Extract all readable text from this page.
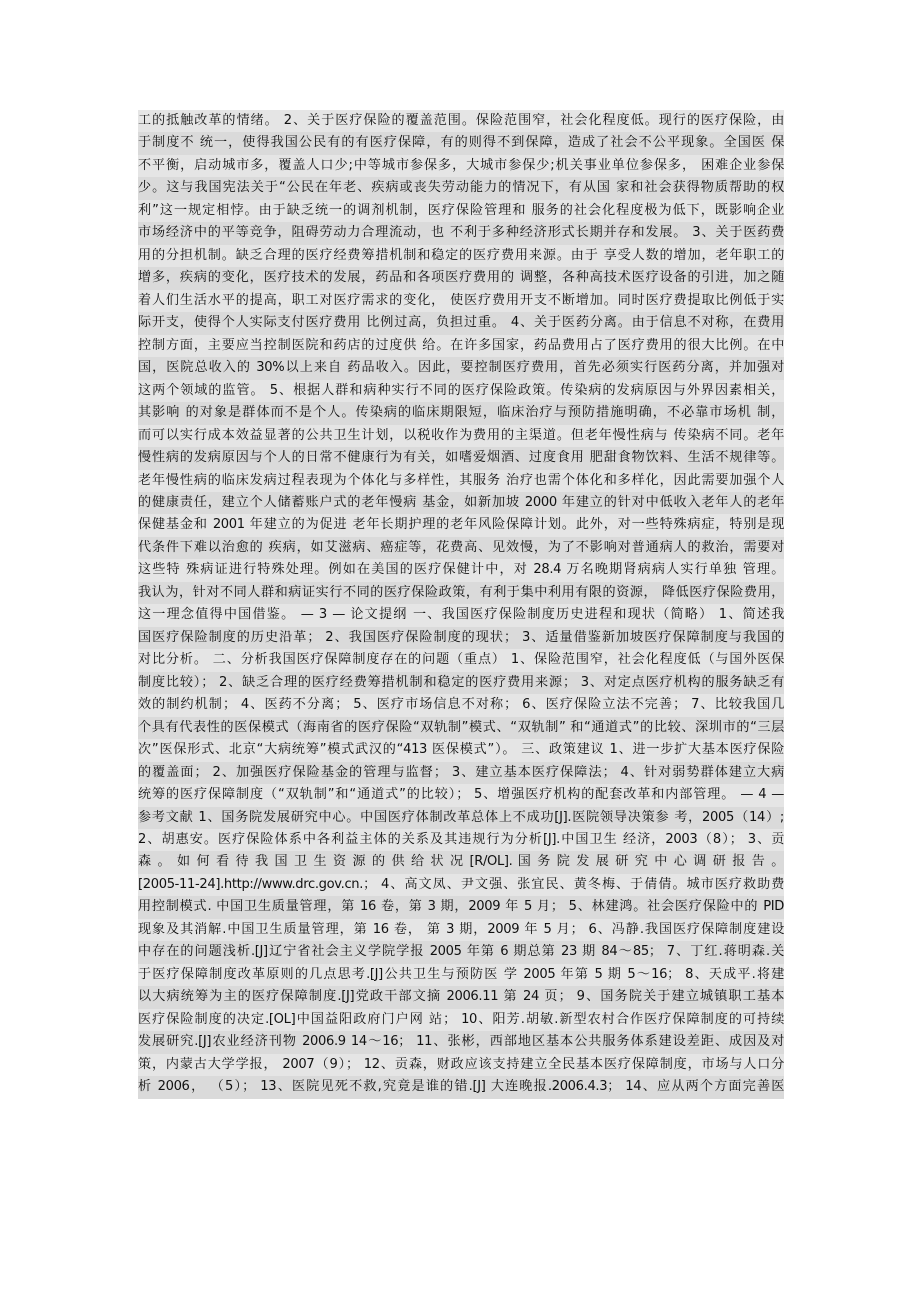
工的抵触改革的情绪。 2、关于医疗保险的覆盖范围。保险范围窄，社会化程度低。现行的医疗保险，由
于制度不 统一，使得我国公民有的有医疗保障，有的则得不到保障，造成了社会不公平现象。全国医 保
不平衡，启动城市多，覆盖人口少;中等城市参保多，大城市参保少;机关事业单位参保多， 困难企业参保
少。这与我国宪法关于“公民在年老、疾病或丧失劳动能力的情况下，有从国 家和社会获得物质帮助的权
利”这一规定相悖。由于缺乏统一的调剂机制，医疗保险管理和 服务的社会化程度极为低下，既影响企业
市场经济中的平等竞争，阻碍劳动力合理流动，也 不利于多种经济形式长期并存和发展。 3、关于医药费
用的分担机制。缺乏合理的医疗经费筹措机制和稳定的医疗费用来源。由于 享受人数的增加，老年职工的
增多，疾病的变化，医疗技术的发展，药品和各项医疗费用的 调整，各种高技术医疗设备的引进，加之随
着人们生活水平的提高，职工对医疗需求的变化， 使医疗费用开支不断增加。同时医疗费提取比例低于实
际开支，使得个人实际支付医疗费用 比例过高，负担过重。 4、关于医药分离。由于信息不对称，在费用
控制方面，主要应当控制医院和药店的过度供 给。在许多国家，药品费用占了医疗费用的很大比例。在中
国，医院总收入的 30%以上来自 药品收入。因此，要控制医疗费用，首先必须实行医药分离，并加强对
这两个领域的监管。 5、根据人群和病种实行不同的医疗保险政策。传染病的发病原因与外界因素相关，
其影响 的对象是群体而不是个人。传染病的临床期限短，临床治疗与预防措施明确，不必靠市场机 制，
而可以实行成本效益显著的公共卫生计划，以税收作为费用的主渠道。但老年慢性病与 传染病不同。老年
慢性病的发病原因与个人的日常不健康行为有关，如嗜爱烟酒、过度食用 肥甜食物饮料、生活不规律等。
老年慢性病的临床发病过程表现为个体化与多样性，其服务 治疗也需个体化和多样化，因此需要加强个人
的健康责任，建立个人储蓄账户式的老年慢病 基金，如新加坡 2000 年建立的针对中低收入老年人的老年
保健基金和 2001 年建立的为促进 老年长期护理的老年风险保障计划。此外，对一些特殊病症，特别是现
代条件下难以治愈的 疾病，如艾滋病、癌症等，花费高、见效慢，为了不影响对普通病人的救治，需要对
这些特 殊病证进行特殊处理。例如在美国的医疗保健计中，对 28.4 万名晚期肾病病人实行单独 管理。
我认为，针对不同人群和病证实行不同的医疗保险政策，有利于集中利用有限的资源， 降低医疗保险费用，
这一理念值得中国借鉴。 — 3 — 论文提纲 一、我国医疗保险制度历史进程和现状（简略） 1、简述我
国医疗保险制度的历史沿革； 2、我国医疗保险制度的现状； 3、适量借鉴新加坡医疗保障制度与我国的
对比分析。 二、分析我国医疗保障制度存在的问题（重点） 1、保险范围窄，社会化程度低（与国外医保
制度比较）； 2、缺乏合理的医疗经费筹措机制和稳定的医疗费用来源； 3、对定点医疗机构的服务缺乏有
效的制约机制； 4、医药不分离； 5、医疗市场信息不对称； 6、医疗保险立法不完善； 7、比较我国几
个具有代表性的医保模式（海南省的医疗保险“双轨制”模式、“双轨制” 和“通道式”的比较、深圳市的“三层
次”医保形式、北京“大病统筹”模式武汉的“413 医保模式”）。 三、政策建议 1、进一步扩大基本医疗保险
的覆盖面； 2、加强医疗保险基金的管理与监督； 3、建立基本医疗保障法； 4、针对弱势群体建立大病
统筹的医疗保障制度（“双轨制”和“通道式”的比较）； 5、增强医疗机构的配套改革和内部管理。 — 4 —
参考文献 1、国务院发展研究中心。中国医疗体制改革总体上不成功[J].医院领导决策参 考，2005（14）;
2、胡惠安。医疗保险体系中各利益主体的关系及其违规行为分析[J].中国卫生 经济，2003（8）； 3、贡
森 。 如 何 看 待 我 国 卫 生 资 源 的 供 给 状 况 [R/OL]. 国 务 院 发 展 研 究 中 心 调 研 报 告 。
[2005-11-24].http://www.drc.gov.cn.； 4、高文凤、尹文强、张宜民、黄冬梅、于倩倩。城市医疗救助费
用控制模式. 中国卫生质量管理，第 16 卷，第 3 期，2009 年 5 月； 5、林建鸿。社会医疗保险中的 PID
现象及其消解.中国卫生质量管理，第 16 卷， 第 3 期，2009 年 5 月； 6、冯静.我国医疗保障制度建设
中存在的问题浅析.[J]辽宁省社会主义学院学报 2005 年第 6 期总第 23 期 84～85； 7、丁红.蒋明森.关
于医疗保障制度改革原则的几点思考.[J]公共卫生与预防医 学 2005 年第 5 期 5～16； 8、天成平.将建
以大病统筹为主的医疗保障制度.[J]党政干部文摘 2006.11 第 24 页； 9、国务院关于建立城镇职工基本
医疗保险制度的决定.[OL]中国益阳政府门户网 站； 10、阳芳.胡敏.新型农村合作医疗保障制度的可持续
发展研究.[J]农业经济刊物 2006.9 14～16； 11、张彬，西部地区基本公共服务体系建设差距、成因及对
策，内蒙古大学学报， 2007（9）； 12、贡森，财政应该支持建立全民基本医疗保障制度，市场与人口分
析 2006， （5）； 13、医院见死不救,究竟是谁的错.[J] 大连晚报.2006.4.3； 14、应从两个方面完善医
